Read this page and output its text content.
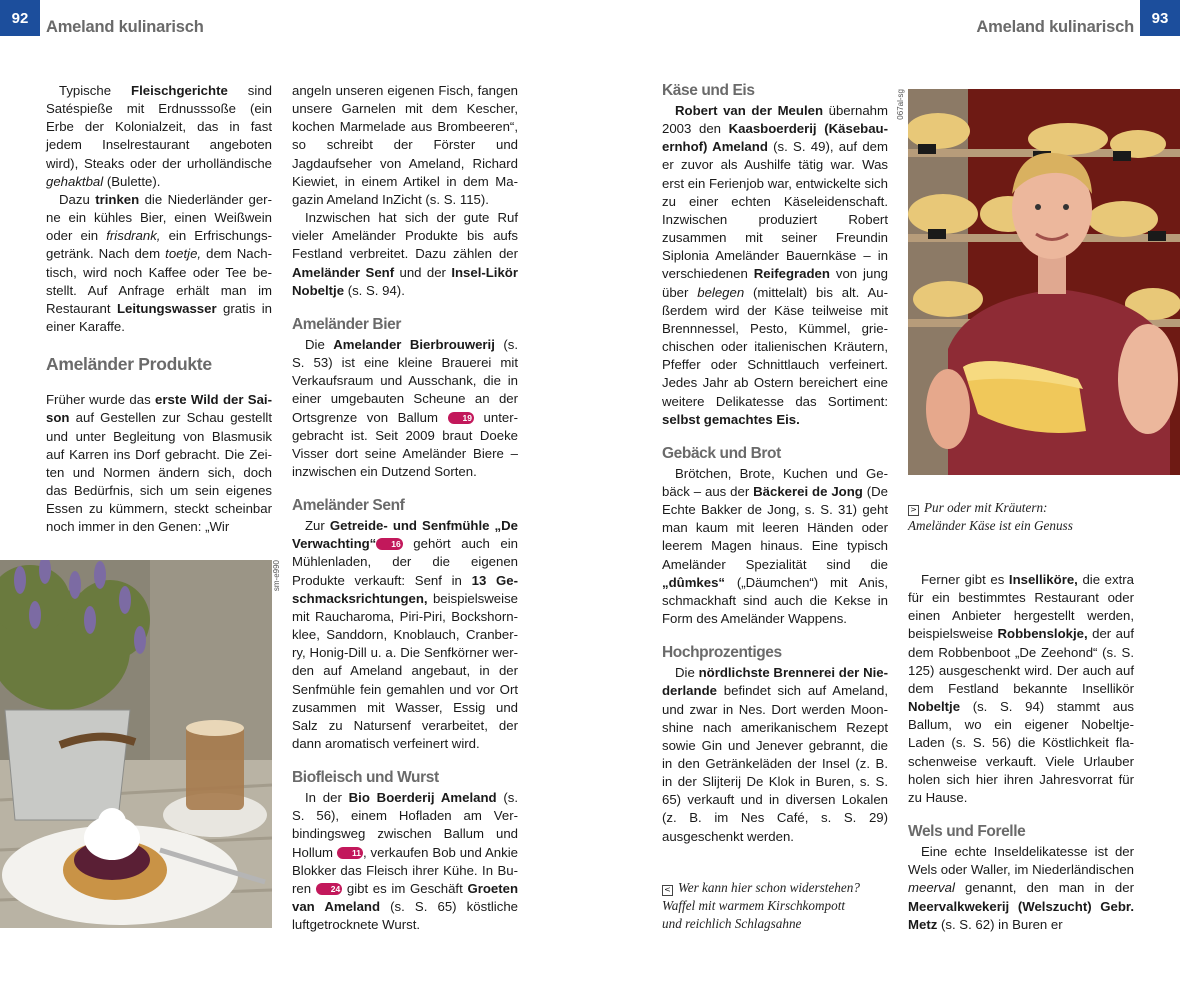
92	Ameland kulinarisch	Ameland kulinarisch	93

Typische Fleischgerichte sind Satéspieße mit Erdnusssoße (ein Erbe der Kolonialzeit, das in fast jedem Inselrestaurant angeboten wird), Steaks oder der urholländische gehaktbal (Bulette).

Dazu trinken die Niederländer gerne ein kühles Bier, einen Weißwein oder ein frisdrank, ein Erfrischungsgetränk. Nach dem toetje, dem Nachtisch, wird noch Kaffee oder Tee bestellt. Auf Anfrage erhält man im Restaurant Leitungswasser gratis in einer Karaffe.

Ameländer Produkte

Früher wurde das erste Wild der Saison auf Gestellen zur Schau gestellt und unter Begleitung von Blasmusik auf Karren ins Dorf gebracht. Die Zeiten und Normen ändern sich, doch das Bedürfnis, sich um sein eigenes Essen zu kümmern, steckt scheinbar noch immer in den Genen: „Wir

angeln unseren eigenen Fisch, fangen unsere Garnelen mit dem Kescher, kochen Marmelade aus Brombeeren“, so schreibt der Förster und Jagdaufseher von Ameland, Richard Kiewiet, in einem Artikel in dem Magazin Ameland InZicht (s. S. 115).

Inzwischen hat sich der gute Ruf vieler Ameländer Produkte bis aufs Festland verbreitet. Dazu zählen der Ameländer Senf und der Insel-Likör Nobeltje (s. S. 94).

Ameländer Bier

Die Amelander Bierbrouwerij (s. S. 53) ist eine kleine Brauerei mit Verkaufsraum und Ausschank, die in einer umgebauten Scheune an der Ortsgrenze von Ballum 19 untergebracht ist. Seit 2009 braut Doeke Visser dort seine Ameländer Biere – inzwischen ein Dutzend Sorten.

Ameländer Senf

Zur Getreide- und Senfmühle „De Verwachting“ 16 gehört auch ein Mühlenladen, der die eigenen Produkte verkauft: Senf in 13 Geschmacksrichtungen, beispielsweise mit Raucharoma, Piri-Piri, Bockshornklee, Sanddorn, Knoblauch, Cranberry, Honig-Dill u. a. Die Senfkörner werden auf Ameland angebaut, in der Senfmühle fein gemahlen und vor Ort zusammen mit Wasser, Essig und Salz zu Natursenf verarbeitet, der dann aromatisch verfeinert wird.

Biofleisch und Wurst

In der Bio Boerderij Ameland (s. S. 56), einem Hofladen am Verbindingsweg zwischen Ballum und Hollum 11 , verkaufen Bob und Ankie Blokker das Fleisch ihrer Kühe. In Buren 24 gibt es im Geschäft Groeten van Ameland (s. S. 65) köstliche luftgetrocknete Wurst.

Käse und Eis

Robert van der Meulen übernahm 2003 den Kaasboerderij (Käsebauernhof) Ameland (s. S. 49), auf dem er zuvor als Aushilfe tätig war. Was erst ein Ferienjob war, entwickelte sich zu einer echten Käseleidenschaft. Inzwischen produziert Robert zusammen mit seiner Freundin Siplonia Ameländer Bauernkäse – in verschiedenen Reifegraden von jung über belegen (mittelalt) bis alt. Außerdem wird der Käse teilweise mit Brennnessel, Pesto, Kümmel, griechischen oder italienischen Kräutern, Pfeffer oder Schnittlauch verfeinert. Jedes Jahr ab Ostern bereichert eine weitere Delikatesse das Sortiment: selbst gemachtes Eis.

Gebäck und Brot

Brötchen, Brote, Kuchen und Gebäck – aus der Bäckerei de Jong (De Echte Bakker de Jong, s. S. 31) geht man kaum mit leeren Händen oder leerem Magen hinaus. Eine typisch Ameländer Spezialität sind die „dûmkes“ („Däumchen“) mit Anis, schmackhaft sind auch die Kekse in Form des Ameländer Wappens.

Hochprozentiges

Die nördlichste Brennerei der Niederlande befindet sich auf Ameland, und zwar in Nes. Dort werden Moonshine nach amerikanischem Rezept sowie Gin und Jenever gebrannt, die in den Getränkeläden der Insel (z. B. in der Slijterij De Klok in Buren, s. S. 65) verkauft und in diversen Lokalen (z. B. im Nes Café, s. S. 29) ausgeschenkt werden.

Ferner gibt es Inselliköre, die extra für ein bestimmtes Restaurant oder einen Anbieter hergestellt werden, beispielsweise Robbenslokje, der auf dem Robbenboot „De Zeehond“ (s. S. 125) ausgeschenkt wird. Der auch auf dem Festland bekannte Insellikör Nobeltje (s. S. 94) stammt aus Ballum, wo ein eigener Nobeltje-Laden (s. S. 56) die Köstlichkeit flaschenweise verkauft. Viele Urlauber holen sich hier ihren Jahresvorrat für zu Hause.

Wels und Forelle

Eine echte Inseldelikatesse ist der Wels oder Waller, im Niederländischen meerval genannt, den man in der Meervalkwekerij (Welszucht) Gebr. Metz (s. S. 62) in Buren er

sm-e990
067al-sg
> Pur oder mit Kräutern:
Ameländer Käse ist ein Genuss
< Wer kann hier schon widerstehen?
Waffel mit warmem Kirschkompott
und reichlich Schlagsahne
